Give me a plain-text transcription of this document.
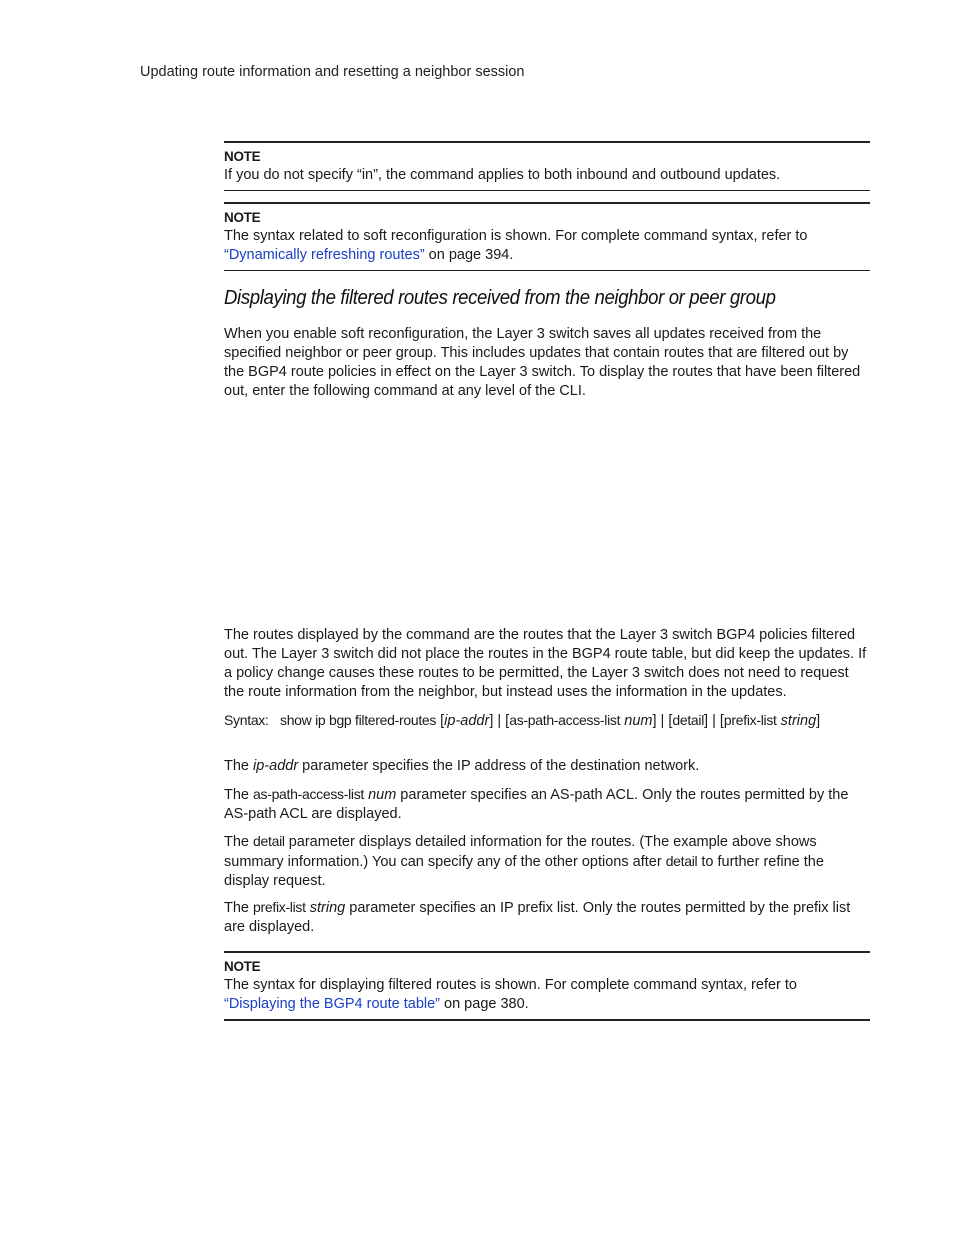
Updating route information and resetting a neighbor session
NOTE
If you do not specify “in”, the command applies to both inbound and outbound updates.
NOTE
The syntax related to soft reconfiguration is shown. For complete command syntax, refer to “Dynamically refreshing routes” on page 394.
Displaying the filtered routes received from the neighbor or peer group

When you enable soft reconfiguration, the Layer 3 switch saves all updates received from the specified neighbor or peer group. This includes updates that contain routes that are filtered out by the BGP4 route policies in effect on the Layer 3 switch. To display the routes that have been filtered out, enter the following command at any level of the CLI.

The routes displayed by the command are the routes that the Layer 3 switch BGP4 policies filtered out. The Layer 3 switch did not place the routes in the BGP4 route table, but did keep the updates. If a policy change causes these routes to be permitted, the Layer 3 switch does not need to request the route information from the neighbor, but instead uses the information in the updates.

Syntax: show ip bgp filtered-routes [ip-addr] | [as-path-access-list num] | [detail] | [prefix-list string]

The ip-addr parameter specifies the IP address of the destination network.

The as-path-access-list num parameter specifies an AS-path ACL. Only the routes permitted by the AS-path ACL are displayed.

The detail parameter displays detailed information for the routes. (The example above shows summary information.) You can specify any of the other options after detail to further refine the display request.

The prefix-list string parameter specifies an IP prefix list. Only the routes permitted by the prefix list are displayed.

NOTE
The syntax for displaying filtered routes is shown. For complete command syntax, refer to “Displaying the BGP4 route table” on page 380.
